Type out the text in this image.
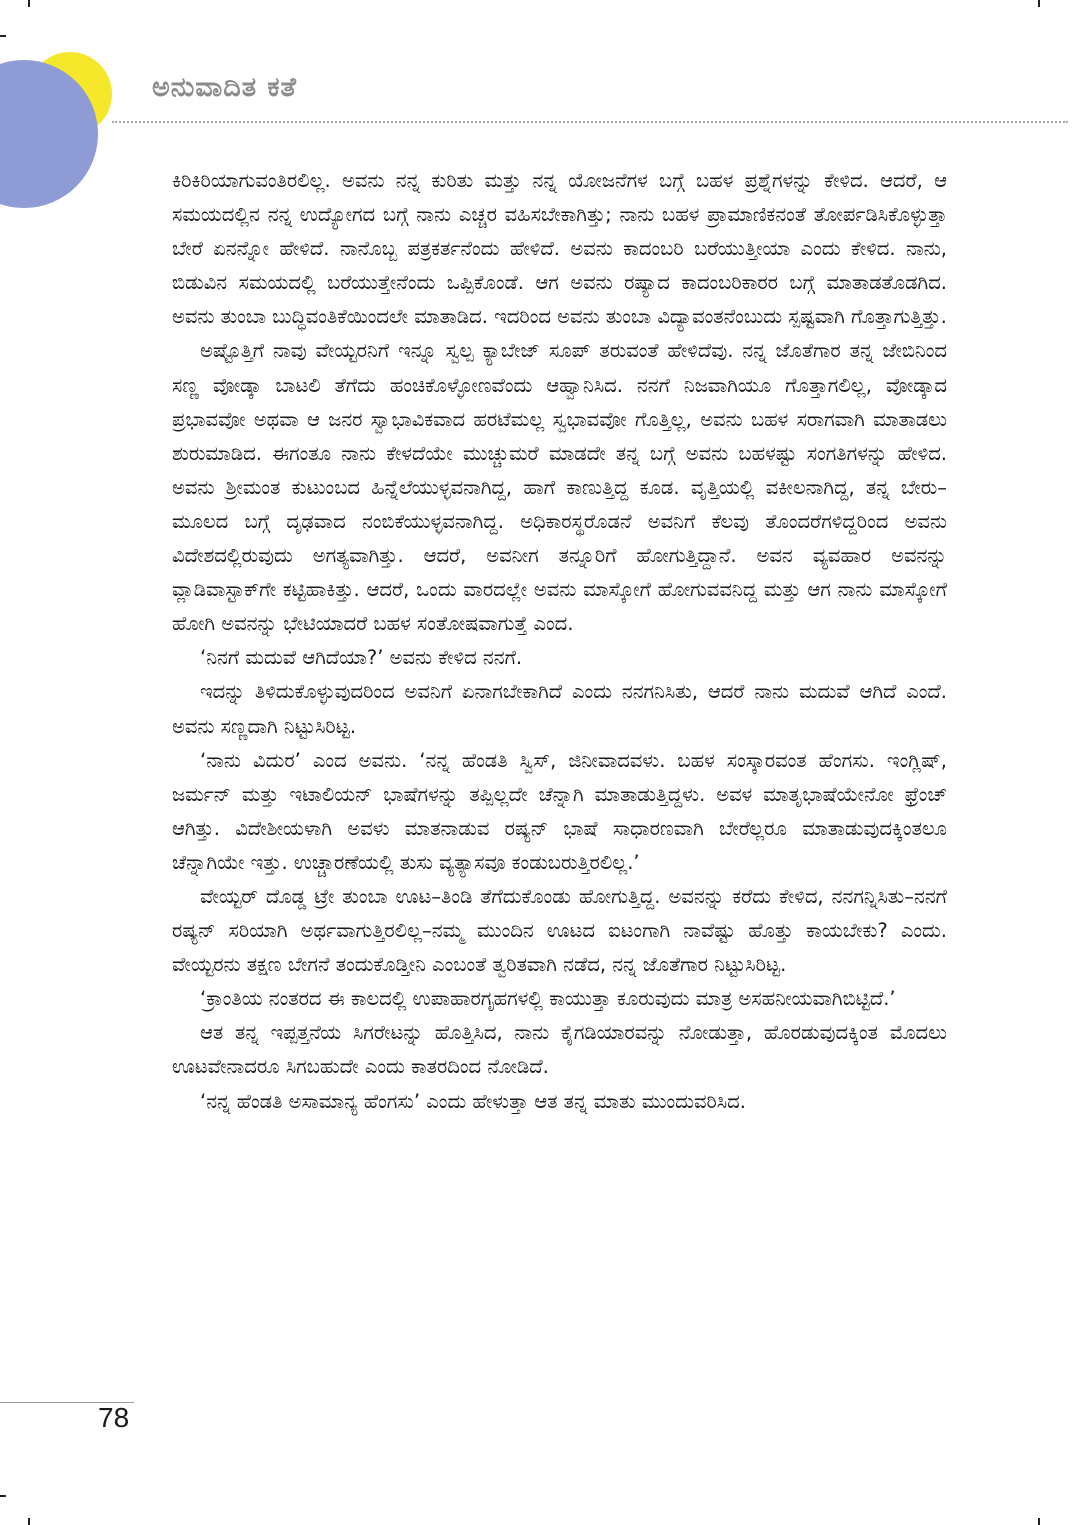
ಅನುವಾದಿತ ಕತೆ

ಕಿರಿಕಿರಿಯಾಗುವಂತಿರಲಿಲ್ಲ. ಅವನು ನನ್ನ ಕುರಿತು ಮತ್ತು ನನ್ನ ಯೋಜನೆಗಳ ಬಗ್ಗೆ ಬಹಳ ಪ್ರಶ್ನೆಗಳನ್ನು ಕೇಳಿದ. ಆದರೆ, ಆ ಸಮಯದಲ್ಲಿನ ನನ್ನ ಉದ್ಯೋಗದ ಬಗ್ಗೆ ನಾನು ಎಚ್ಚರ ವಹಿಸಬೇಕಾಗಿತ್ತು; ನಾನು ಬಹಳ ಪ್ರಾಮಾಣಿಕನಂತೆ ತೋರ್ಪಡಿಸಿಕೊಳ್ಳುತ್ತಾ ಬೇರೆ ಏನನ್ನೋ ಹೇಳಿದೆ. ನಾನೊಬ್ಬ ಪತ್ರಕರ್ತನೆಂದು ಹೇಳಿದೆ. ಅವನು ಕಾದಂಬರಿ ಬರೆಯುತ್ತೀಯಾ ಎಂದು ಕೇಳಿದ. ನಾನು, ಬಿಡುವಿನ ಸಮಯದಲ್ಲಿ ಬರೆಯುತ್ತೇನೆಂದು ಒಪ್ಪಿಕೊಂಡೆ. ಆಗ ಅವನು ರಷ್ಯಾದ ಕಾದಂಬರಿಕಾರರ ಬಗ್ಗೆ ಮಾತಾಡತೊಡಗಿದ. ಅವನು ತುಂಬಾ ಬುದ್ಧಿವಂತಿಕೆಯಿಂದಲೇ ಮಾತಾಡಿದ. ಇದರಿಂದ ಅವನು ತುಂಬಾ ವಿದ್ಯಾವಂತನೆಂಬುದು ಸ್ಪಷ್ಟವಾಗಿ ಗೊತ್ತಾಗುತ್ತಿತ್ತು.

ಅಷ್ಟೊತ್ತಿಗೆ ನಾವು ವೇಯ್ಟರನಿಗೆ ಇನ್ನೂ ಸ್ವಲ್ಪ ಕ್ಯಾಬೇಜ್ ಸೂಪ್ ತರುವಂತೆ ಹೇಳಿದೆವು. ನನ್ನ ಜೊತೆಗಾರ ತನ್ನ ಜೇಬಿನಿಂದ ಸಣ್ಣ ವೋಡ್ಕಾ ಬಾಟಲಿ ತೆಗೆದು ಹಂಚಿಕೊಳ್ಳೋಣವೆಂದು ಆಹ್ವಾನಿಸಿದ. ನನಗೆ ನಿಜವಾಗಿಯೂ ಗೊತ್ತಾಗಲಿಲ್ಲ, ವೋಡ್ಕಾದ ಪ್ರಭಾವವೋ ಅಥವಾ ಆ ಜನರ ಸ್ವಾಭಾವಿಕವಾದ ಹರಟೆಮಲ್ಲ ಸ್ವಭಾವವೋ ಗೊತ್ತಿಲ್ಲ, ಅವನು ಬಹಳ ಸರಾಗವಾಗಿ ಮಾತಾಡಲು ಶುರುಮಾಡಿದ. ಈಗಂತೂ ನಾನು ಕೇಳದೆಯೇ ಮುಚ್ಚುಮರೆ ಮಾಡದೇ ತನ್ನ ಬಗ್ಗೆ ಅವನು ಬಹಳಷ್ಟು ಸಂಗತಿಗಳನ್ನು ಹೇಳಿದ. ಅವನು ಶ್ರೀಮಂತ ಕುಟುಂಬದ ಹಿನ್ನೆಲೆಯುಳ್ಳವನಾಗಿದ್ದ, ಹಾಗೆ ಕಾಣುತ್ತಿದ್ದ ಕೂಡ. ವೃತ್ತಿಯಲ್ಲಿ ವಕೀಲನಾಗಿದ್ದ, ತನ್ನ ಬೇರು–ಮೂಲದ ಬಗ್ಗೆ ದೃಢವಾದ ನಂಬಿಕೆಯುಳ್ಳವನಾಗಿದ್ದ. ಅಧಿಕಾರಸ್ಥರೊಡನೆ ಅವನಿಗೆ ಕೆಲವು ತೊಂದರೆಗಳಿದ್ದರಿಂದ ಅವನು ವಿದೇಶದಲ್ಲಿರುವುದು ಅಗತ್ಯವಾಗಿತ್ತು. ಆದರೆ, ಅವನೀಗ ತನ್ನೂರಿಗೆ ಹೋಗುತ್ತಿದ್ದಾನೆ. ಅವನ ವ್ಯವಹಾರ ಅವನನ್ನು ವ್ಲಾಡಿವಾಸ್ಟಾಕ್‌ಗೇ ಕಟ್ಟಿಹಾಕಿತ್ತು. ಆದರೆ, ಒಂದು ವಾರದಲ್ಲೇ ಅವನು ಮಾಸ್ಕೋಗೆ ಹೋಗುವವನಿದ್ದ ಮತ್ತು ಆಗ ನಾನು ಮಾಸ್ಕೋಗೆ ಹೋಗಿ ಅವನನ್ನು ಭೇಟಿಯಾದರೆ ಬಹಳ ಸಂತೋಷವಾಗುತ್ತೆ ಎಂದ.

‘ನಿನಗೆ ಮದುವೆ ಆಗಿದೆಯಾ?’ ಅವನು ಕೇಳಿದ ನನಗೆ.

ಇದನ್ನು ತಿಳಿದುಕೊಳ್ಳುವುದರಿಂದ ಅವನಿಗೆ ಏನಾಗಬೇಕಾಗಿದೆ ಎಂದು ನನಗನಿಸಿತು, ಆದರೆ ನಾನು ಮದುವೆ ಆಗಿದೆ ಎಂದೆ. ಅವನು ಸಣ್ಣದಾಗಿ ನಿಟ್ಟುಸಿರಿಟ್ಟ.

‘ನಾನು ವಿದುರ’ ಎಂದ ಅವನು. ‘ನನ್ನ ಹೆಂಡತಿ ಸ್ವಿಸ್, ಜಿನೀವಾದವಳು. ಬಹಳ ಸಂಸ್ಕಾರವಂತ ಹೆಂಗಸು. ಇಂಗ್ಲಿಷ್, ಜರ್ಮನ್ ಮತ್ತು ಇಟಾಲಿಯನ್ ಭಾಷೆಗಳನ್ನು ತಪ್ಪಿಲ್ಲದೇ ಚೆನ್ನಾಗಿ ಮಾತಾಡುತ್ತಿದ್ದಳು. ಅವಳ ಮಾತೃಭಾಷೆಯೇನೋ ಫ್ರೆಂಚ್ ಆಗಿತ್ತು. ವಿದೇಶೀಯಳಾಗಿ ಅವಳು ಮಾತನಾಡುವ ರಷ್ಯನ್ ಭಾಷೆ ಸಾಧಾರಣವಾಗಿ ಬೇರೆಲ್ಲರೂ ಮಾತಾಡುವುದಕ್ಕಿಂತಲೂ ಚೆನ್ನಾಗಿಯೇ ಇತ್ತು. ಉಚ್ಚಾರಣೆಯಲ್ಲಿ ತುಸು ವ್ಯತ್ಯಾಸವೂ ಕಂಡುಬರುತ್ತಿರಲಿಲ್ಲ.’

ವೇಯ್ಟರ್ ದೊಡ್ಡ ಟ್ರೇ ತುಂಬಾ ಊಟ–ತಿಂಡಿ ತೆಗೆದುಕೊಂಡು ಹೋಗುತ್ತಿದ್ದ. ಅವನನ್ನು ಕರೆದು ಕೇಳಿದ, ನನಗನ್ನಿಸಿತು–ನನಗೆ ರಷ್ಯನ್ ಸರಿಯಾಗಿ ಅರ್ಥವಾಗುತ್ತಿರಲಿಲ್ಲ–ನಮ್ಮ ಮುಂದಿನ ಊಟದ ಐಟಂಗಾಗಿ ನಾವೆಷ್ಟು ಹೊತ್ತು ಕಾಯಬೇಕು? ಎಂದು. ವೇಯ್ಟರನು ತಕ್ಷಣ ಬೇಗನೆ ತಂದುಕೊಡ್ತೀನಿ ಎಂಬಂತೆ ತ್ವರಿತವಾಗಿ ನಡೆದ, ನನ್ನ ಜೊತೆಗಾರ ನಿಟ್ಟುಸಿರಿಟ್ಟ.

‘ಕ್ರಾಂತಿಯ ನಂತರದ ಈ ಕಾಲದಲ್ಲಿ ಉಪಾಹಾರಗೃಹಗಳಲ್ಲಿ ಕಾಯುತ್ತಾ ಕೂರುವುದು ಮಾತ್ರ ಅಸಹನೀಯವಾಗಿಬಿಟ್ಟಿದೆ.’

ಆತ ತನ್ನ ಇಪ್ಪತ್ತನೆಯ ಸಿಗರೇಟನ್ನು ಹೊತ್ತಿಸಿದ, ನಾನು ಕೈಗಡಿಯಾರವನ್ನು ನೋಡುತ್ತಾ, ಹೊರಡುವುದಕ್ಕಿಂತ ಮೊದಲು ಊಟವೇನಾದರೂ ಸಿಗಬಹುದೇ ಎಂದು ಕಾತರದಿಂದ ನೋಡಿದೆ.

‘ನನ್ನ ಹೆಂಡತಿ ಅಸಾಮಾನ್ಯ ಹೆಂಗಸು’ ಎಂದು ಹೇಳುತ್ತಾ ಆತ ತನ್ನ ಮಾತು ಮುಂದುವರಿಸಿದ.

78
